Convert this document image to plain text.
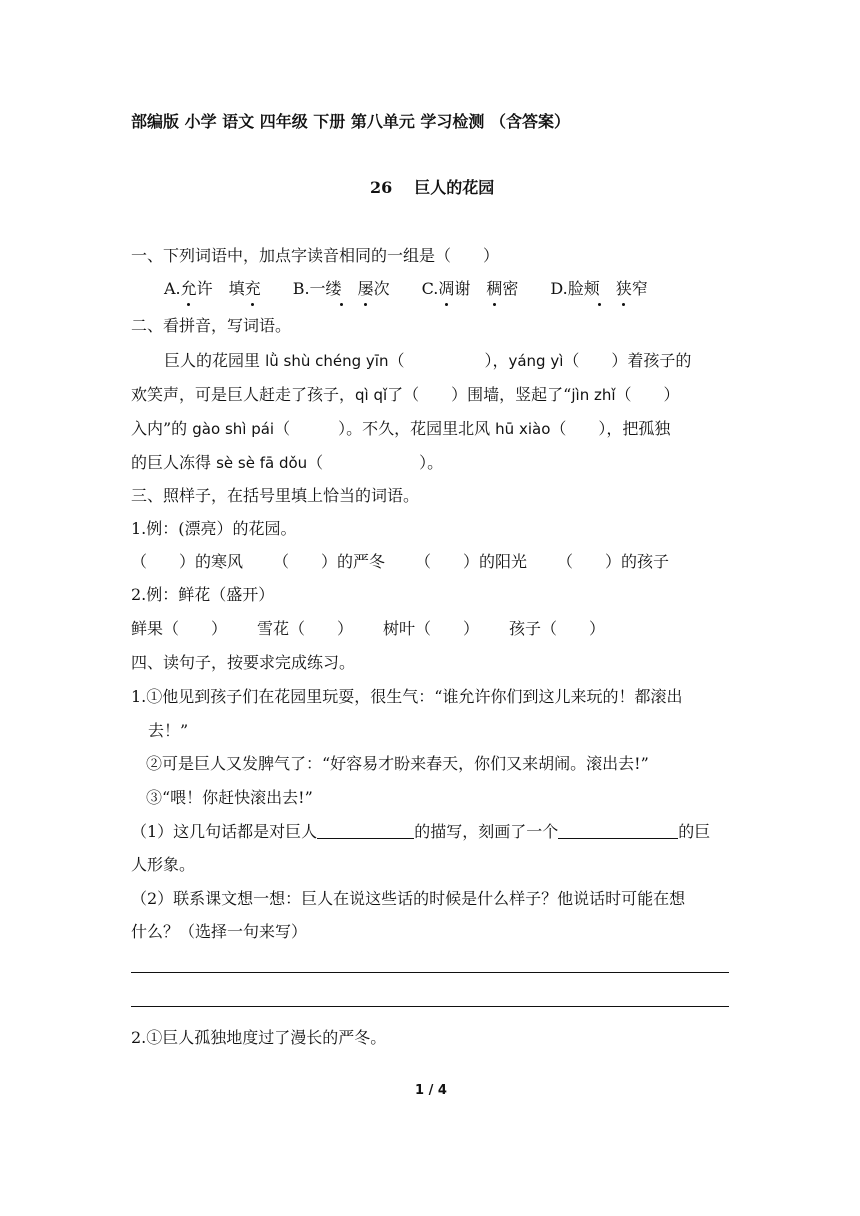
部编版 小学 语文 四年级 下册 第八单元 学习检测 （含答案）
26 巨人的花园
一、下列词语中，加点字读音相同的一组是（　　）
A.允许　填充 B.一缕　屡次 C.凋谢　稠密 D.脸颊　狭窄
二、看拼音，写词语。
巨人的花园里 lǜ shù chéng yīn（　　　　　），yáng yì（　　）着孩子的
欢笑声，可是巨人赶走了孩子，qì qǐ了（　　）围墙，竖起了“jìn zhǐ（　　）
入内”的 gào shì pái（　　　）。不久，花园里北风 hū xiào（　　），把孤独
的巨人冻得 sè sè fā dǒu（　　　　　　）。
三、照样子，在括号里填上恰当的词语。
1.例：(漂亮）的花园。
（　　）的寒风 （　　）的严冬 （　　）的阳光 （　　）的孩子
2.例：鲜花（盛开）
鲜果（　　） 雪花（　　） 树叶（　　） 孩子（　　）
四、读句子，按要求完成练习。
1.①他见到孩子们在花园里玩耍，很生气：“谁允许你们到这儿来玩的！都滚出
去！”
②可是巨人又发脾气了：“好容易才盼来春天，你们又来胡闹。滚出去!”
③“喂！你赶快滚出去!”
（1）这几句话都是对巨人	的描写，刻画了一个	的巨
人形象。
（2）联系课文想一想：巨人在说这些话的时候是什么样子？他说话时可能在想
什么？（选择一句来写）
2.①巨人孤独地度过了漫长的严冬。
1 / 4
